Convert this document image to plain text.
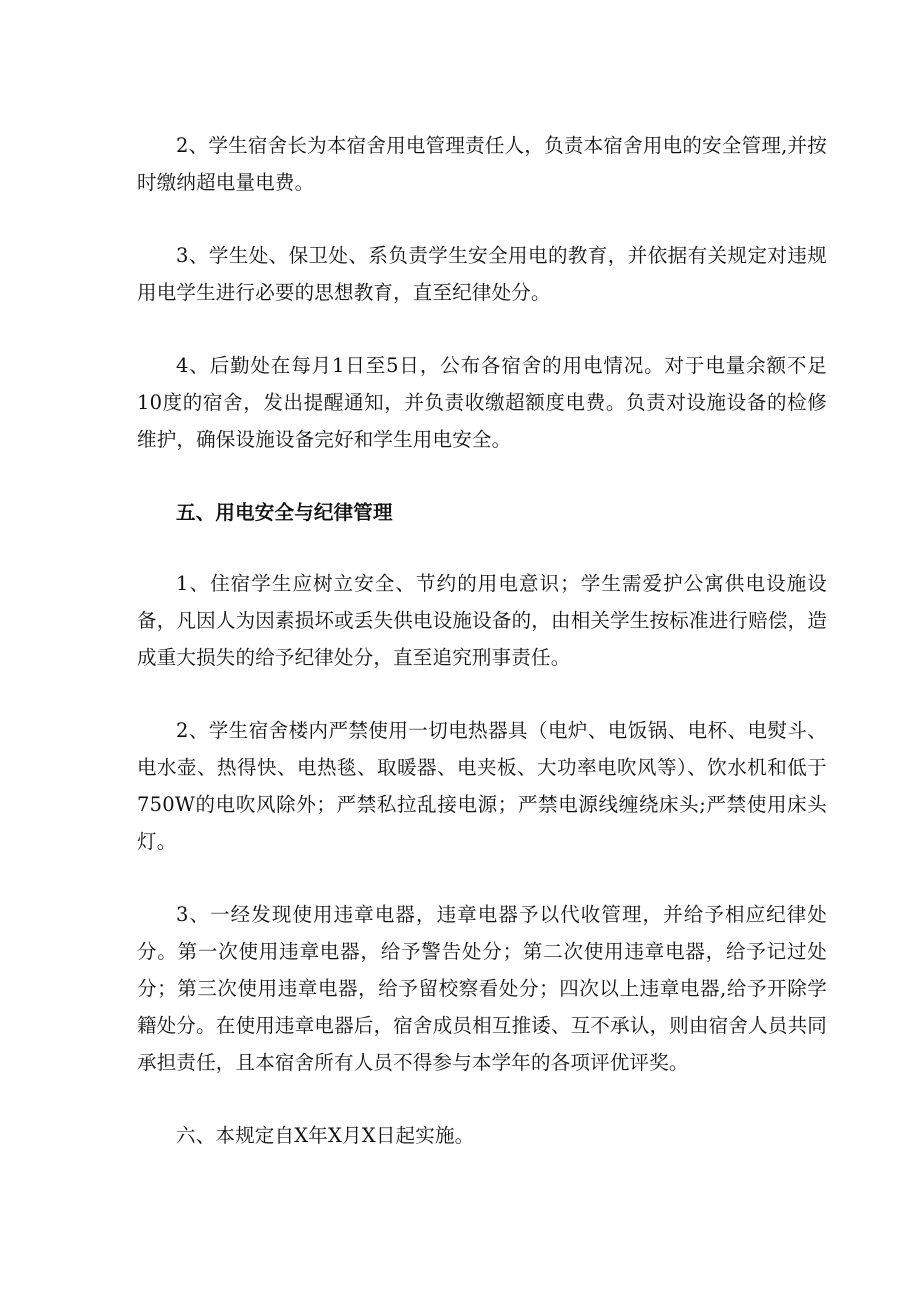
2、学生宿舍长为本宿舍用电管理责任人，负责本宿舍用电的安全管理,并按时缴纳超电量电费。

3、学生处、保卫处、系负责学生安全用电的教育，并依据有关规定对违规用电学生进行必要的思想教育，直至纪律处分。

4、后勤处在每月1日至5日，公布各宿舍的用电情况。对于电量余额不足10度的宿舍，发出提醒通知，并负责收缴超额度电费。负责对设施设备的检修维护，确保设施设备完好和学生用电安全。

五、用电安全与纪律管理

1、住宿学生应树立安全、节约的用电意识；学生需爱护公寓供电设施设备，凡因人为因素损坏或丢失供电设施设备的，由相关学生按标准进行赔偿，造成重大损失的给予纪律处分，直至追究刑事责任。

2、学生宿舍楼内严禁使用一切电热器具（电炉、电饭锅、电杯、电熨斗、电水壶、热得快、电热毯、取暖器、电夹板、大功率电吹风等）、饮水机和低于750W的电吹风除外；严禁私拉乱接电源；严禁电源线缠绕床头;严禁使用床头灯。

3、一经发现使用违章电器，违章电器予以代收管理，并给予相应纪律处分。第一次使用违章电器，给予警告处分；第二次使用违章电器，给予记过处分；第三次使用违章电器，给予留校察看处分；四次以上违章电器,给予开除学籍处分。在使用违章电器后，宿舍成员相互推诿、互不承认，则由宿舍人员共同承担责任，且本宿舍所有人员不得参与本学年的各项评优评奖。

六、本规定自X年X月X日起实施。
